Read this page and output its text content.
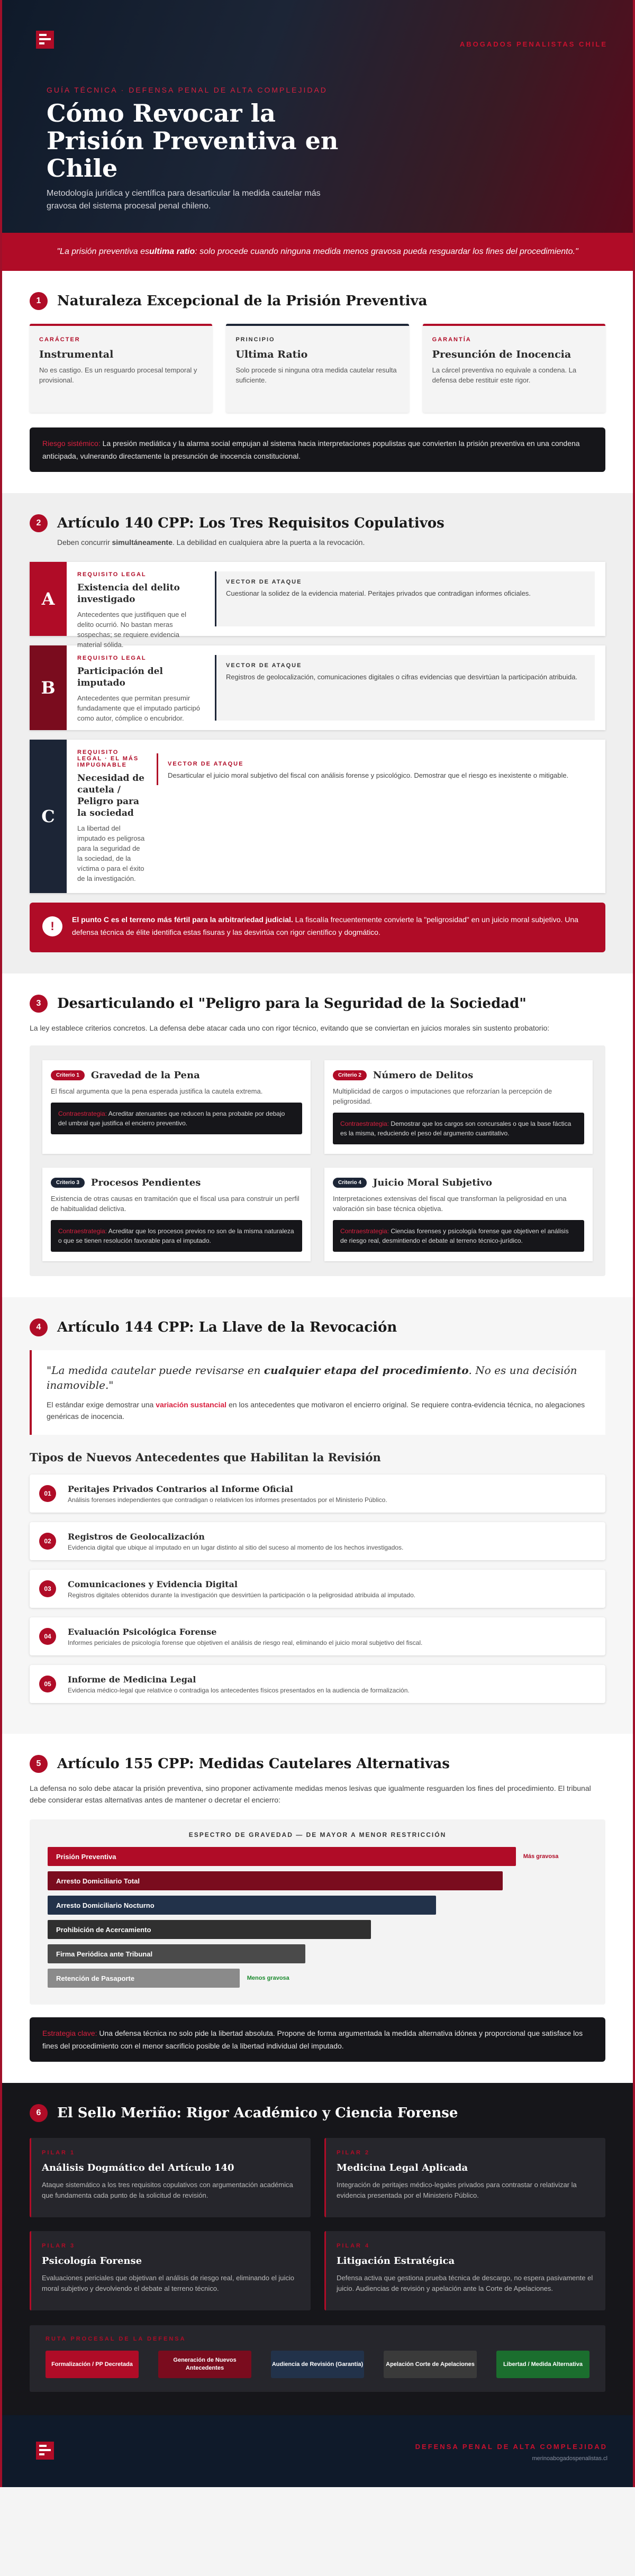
ABOGADOS PENALISTAS CHILE
GUÍA TÉCNICA · DEFENSA PENAL DE ALTA COMPLEJIDAD
Cómo Revocar la Prisión Preventiva en Chile

Metodología jurídica y científica para desarticular la medida cautelar más gravosa del sistema procesal penal chileno.

"La prisión preventiva es ultima ratio : solo procede cuando ninguna medida menos gravosa pueda resguardar los fines del procedimiento."
1	Naturaleza Excepcional de la Prisión Preventiva
CARÁCTER
Instrumental
No es castigo. Es un resguardo procesal temporal y provisional.
PRINCIPIO
Ultima Ratio
Solo procede si ninguna otra medida cautelar resulta suficiente.
GARANTÍA
Presunción de Inocencia
La cárcel preventiva no equivale a condena. La defensa debe restituir este rigor.
Riesgo sistémico: La presión mediática y la alarma social empujan al sistema hacia interpretaciones populistas que convierten la prisión preventiva en una condena anticipada, vulnerando directamente la presunción de inocencia constitucional.
2	Artículo 140 CPP: Los Tres Requisitos Copulativos

Deben concurrir simultáneamente. La debilidad en cualquiera abre la puerta a la revocación.

A
REQUISITO LEGAL
Existencia del delito investigado
Antecedentes que justifiquen que el delito ocurrió. No bastan meras sospechas; se requiere evidencia material sólida.
VECTOR DE ATAQUE
Cuestionar la solidez de la evidencia material. Peritajes privados que contradigan informes oficiales.
B
REQUISITO LEGAL
Participación del imputado
Antecedentes que permitan presumir fundadamente que el imputado participó como autor, cómplice o encubridor.
VECTOR DE ATAQUE
Registros de geolocalización, comunicaciones digitales o cifras evidencias que desvirtúan la participación atribuida.
C
REQUISITO LEGAL · EL MÁS IMPUGNABLE
Necesidad de cautela / Peligro para la sociedad
La libertad del imputado es peligrosa para la seguridad de la sociedad, de la víctima o para el éxito de la investigación.
VECTOR DE ATAQUE
Desarticular el juicio moral subjetivo del fiscal con análisis forense y psicológico. Demostrar que el riesgo es inexistente o mitigable.
!	El punto C es el terreno más fértil para la arbitrariedad judicial. La fiscalía frecuentemente convierte la "peligrosidad" en un juicio moral subjetivo. Una defensa técnica de élite identifica estas fisuras y las desvirtúa con rigor científico y dogmático.
3	Desarticulando el "Peligro para la Seguridad de la Sociedad"

La ley establece criterios concretos. La defensa debe atacar cada uno con rigor técnico, evitando que se conviertan en juicios morales sin sustento probatorio:

Criterio 1	Gravedad de la Pena
El fiscal argumenta que la pena esperada justifica la cautela extrema.
Contraestrategia: Acreditar atenuantes que reducen la pena probable por debajo del umbral que justifica el encierro preventivo.
Criterio 2	Número de Delitos
Multiplicidad de cargos o imputaciones que reforzarían la percepción de peligrosidad.
Contraestrategia: Demostrar que los cargos son concursales o que la base fáctica es la misma, reduciendo el peso del argumento cuantitativo.
Criterio 3	Procesos Pendientes
Existencia de otras causas en tramitación que el fiscal usa para construir un perfil de habitualidad delictiva.
Contraestrategia: Acreditar que los procesos previos no son de la misma naturaleza o que se tienen resolución favorable para el imputado.
Criterio 4	Juicio Moral Subjetivo
Interpretaciones extensivas del fiscal que transforman la peligrosidad en una valoración sin base técnica objetiva.
Contraestrategia: Ciencias forenses y psicología forense que objetiven el análisis de riesgo real, desmintiendo el debate al terreno técnico-jurídico.
4	Artículo 144 CPP: La Llave de la Revocación
"La medida cautelar puede revisarse en cualquier etapa del procedimiento. No es una decisión inamovible."

El estándar exige demostrar una variación sustancial en los antecedentes que motivaron el encierro original. Se requiere contra-evidencia técnica, no alegaciones genéricas de inocencia.

Tipos de Nuevos Antecedentes que Habilitan la Revisión
01	Peritajes Privados Contrarios al Informe Oficial
Análisis forenses independientes que contradigan o relativicen los informes presentados por el Ministerio Público.
02	Registros de Geolocalización
Evidencia digital que ubique al imputado en un lugar distinto al sitio del suceso al momento de los hechos investigados.
03	Comunicaciones y Evidencia Digital
Registros digitales obtenidos durante la investigación que desvirtúen la participación o la peligrosidad atribuida al imputado.
04	Evaluación Psicológica Forense
Informes periciales de psicología forense que objetiven el análisis de riesgo real, eliminando el juicio moral subjetivo del fiscal.
05	Informe de Medicina Legal
Evidencia médico-legal que relativice o contradiga los antecedentes físicos presentados en la audiencia de formalización.
5	Artículo 155 CPP: Medidas Cautelares Alternativas

La defensa no solo debe atacar la prisión preventiva, sino proponer activamente medidas menos lesivas que igualmente resguarden los fines del procedimiento. El tribunal debe considerar estas alternativas antes de mantener o decretar el encierro:

ESPECTRO DE GRAVEDAD — DE MAYOR A MENOR RESTRICCIÓN
Prisión Preventiva	Más gravosa
Arresto Domiciliario Total
Arresto Domiciliario Nocturno
Prohibición de Acercamiento
Firma Periódica ante Tribunal
Retención de Pasaporte	Menos gravosa
Estrategia clave: Una defensa técnica no solo pide la libertad absoluta. Propone de forma argumentada la medida alternativa idónea y proporcional que satisface los fines del procedimiento con el menor sacrificio posible de la libertad individual del imputado.
6	El Sello Meriño: Rigor Académico y Ciencia Forense
PILAR 1
Análisis Dogmático del Artículo 140
Ataque sistemático a los tres requisitos copulativos con argumentación académica que fundamenta cada punto de la solicitud de revisión.
PILAR 2
Medicina Legal Aplicada
Integración de peritajes médico-legales privados para contrastar o relativizar la evidencia presentada por el Ministerio Público.
PILAR 3
Psicología Forense
Evaluaciones periciales que objetivan el análisis de riesgo real, eliminando el juicio moral subjetivo y devolviendo el debate al terreno técnico.
PILAR 4
Litigación Estratégica
Defensa activa que gestiona prueba técnica de descargo, no espera pasivamente el juicio. Audiencias de revisión y apelación ante la Corte de Apelaciones.
RUTA PROCESAL DE LA DEFENSA
Formalización / PP Decretada
Generación de Nuevos Antecedentes
Audiencia de Revisión (Garantía)	Apelación Corte de Apelaciones	Libertad / Medida Alternativa
DEFENSA PENAL DE ALTA COMPLEJIDAD
merinoabogadospenalistas.cl
